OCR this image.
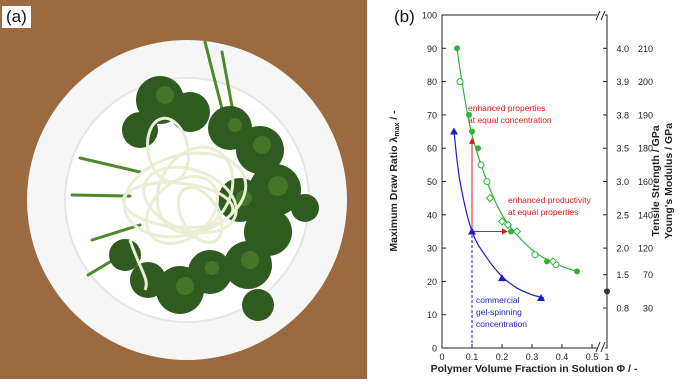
(a)	(b)
0
10
20
30
40
50
60
70
80
90
100
0 0.1 0.2 0.3 0.4 0.5 1
4.0
3.9
3.8
3.5
3.0
2.5
2.0
1.5
0.8
210
200
190
180
160
140
120
70
30
Maximum Draw Ratio λmax / -
Polymer Volume Fraction in Solution Φ / -
Tensile Strength / GPa Young's Modulus / GPa
enhanced properties at equal concentration
enhanced productivity at equal properties
commercial gel-spinning concentration
